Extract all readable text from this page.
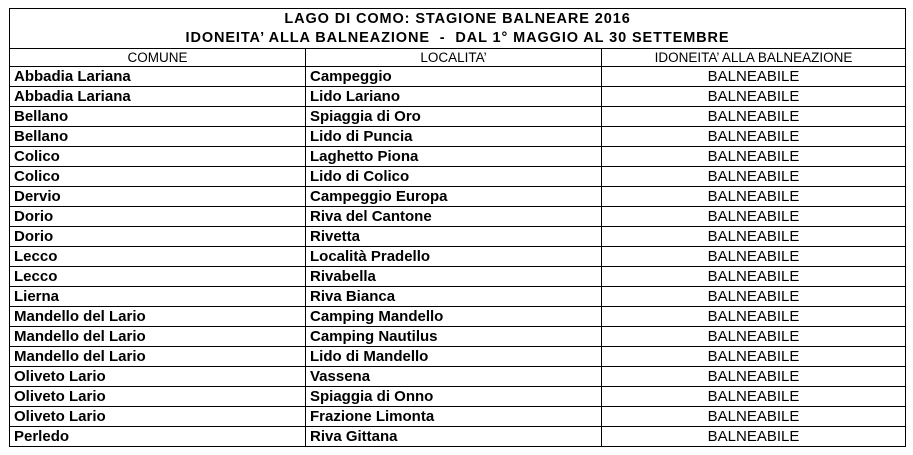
LAGO DI COMO: STAGIONE BALNEARE 2016
IDONEITA’ ALLA BALNEAZIONE  -  DAL 1° MAGGIO AL 30 SETTEMBRE		

COMUNE	LOCALITA’	IDONEITA’ ALLA BALNEAZIONE
Abbadia Lariana	Campeggio	BALNEABILE
Abbadia Lariana	Lido Lariano	BALNEABILE
Bellano	Spiaggia di Oro	BALNEABILE
Bellano	Lido di Puncia	BALNEABILE
Colico	Laghetto Piona	BALNEABILE
Colico	Lido di Colico	BALNEABILE
Dervio	Campeggio Europa	BALNEABILE
Dorio	Riva del Cantone	BALNEABILE
Dorio	Rivetta	BALNEABILE
Lecco	Località Pradello	BALNEABILE
Lecco	Rivabella	BALNEABILE
Lierna	Riva Bianca	BALNEABILE
Mandello del Lario	Camping Mandello	BALNEABILE
Mandello del Lario	Camping Nautilus	BALNEABILE
Mandello del Lario	Lido di Mandello	BALNEABILE
Oliveto Lario	Vassena	BALNEABILE
Oliveto Lario	Spiaggia di Onno	BALNEABILE
Oliveto Lario	Frazione Limonta	BALNEABILE
Perledo	Riva Gittana	BALNEABILE
